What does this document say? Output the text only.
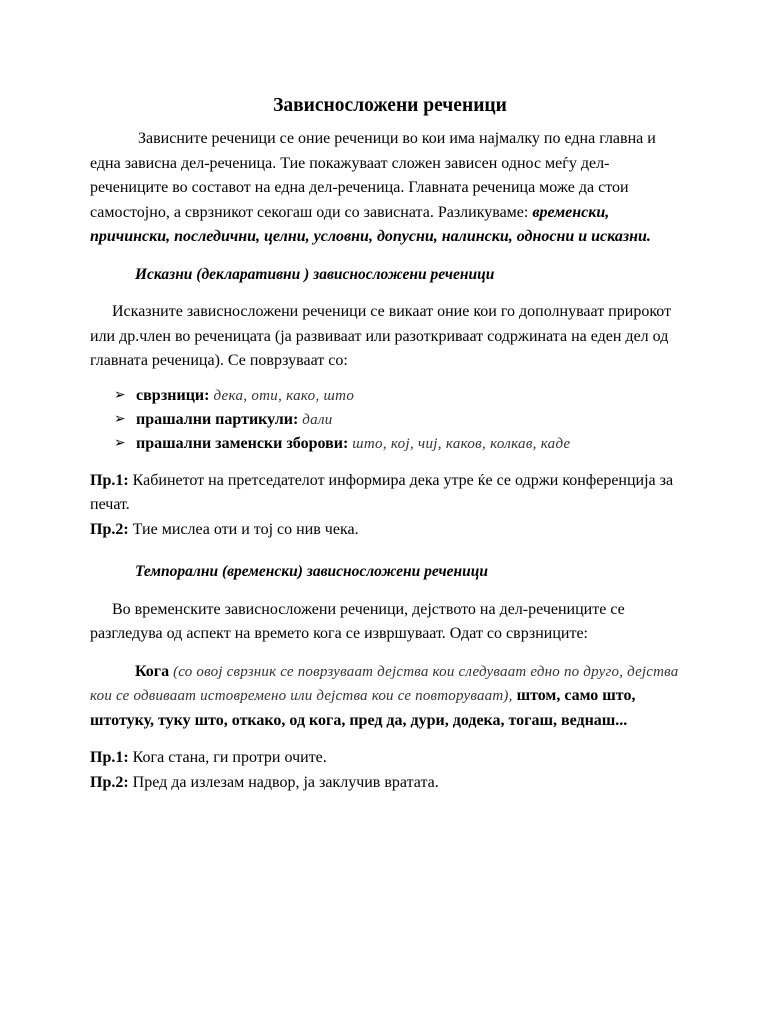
Зависносложени реченици

Зависните реченици се оние реченици во кои има најмалку по една главна и една зависна дел-реченица. Тие покажуваат сложен зависен однос меѓу дел-речениците во составот на една дел-реченица. Главната реченица може да стои самостојно, а сврзникот секогаш оди со зависната. Разликуваме: временски, причински, последични, целни, условни, допусни, налински, односни и исказни.

Исказни (декларативни ) зависносложени реченици

Исказните зависносложени реченици се викаат оние кои го дополнуваат прирокот или др.член во реченицата (ја развиваат или разоткриваат содржината на еден дел од главната реченица). Се поврзуваат со:

➢ сврзници: дека, оти, како, што
➢ прашални партикули: дали
➢ прашални заменски зборови: што, кој, чиј, каков, колкав, каде

Пр.1: Кабинетот на претседателот информира дека утре ќе се одржи конференција за печат.

Пр.2: Тие мислеа оти и тој со нив чека.

Темпорални (временски) зависносложени реченици

Во временските зависносложени реченици, дејството на дел-речениците се разгледува од аспект на времето кога се извршуваат. Одат со сврзниците:

Кога (со овој сврзник се поврзуваат дејства кои следуваат едно по друго, дејства кои се одвиваат истовремено или дејства кои се повторуваат), штом, само што, штотуку, туку што, откако, од кога, пред да, дури, додека, тогаш, веднаш...

Пр.1: Кога стана, ги протри очите.

Пр.2: Пред да излезам надвор, ја заклучив вратата.
